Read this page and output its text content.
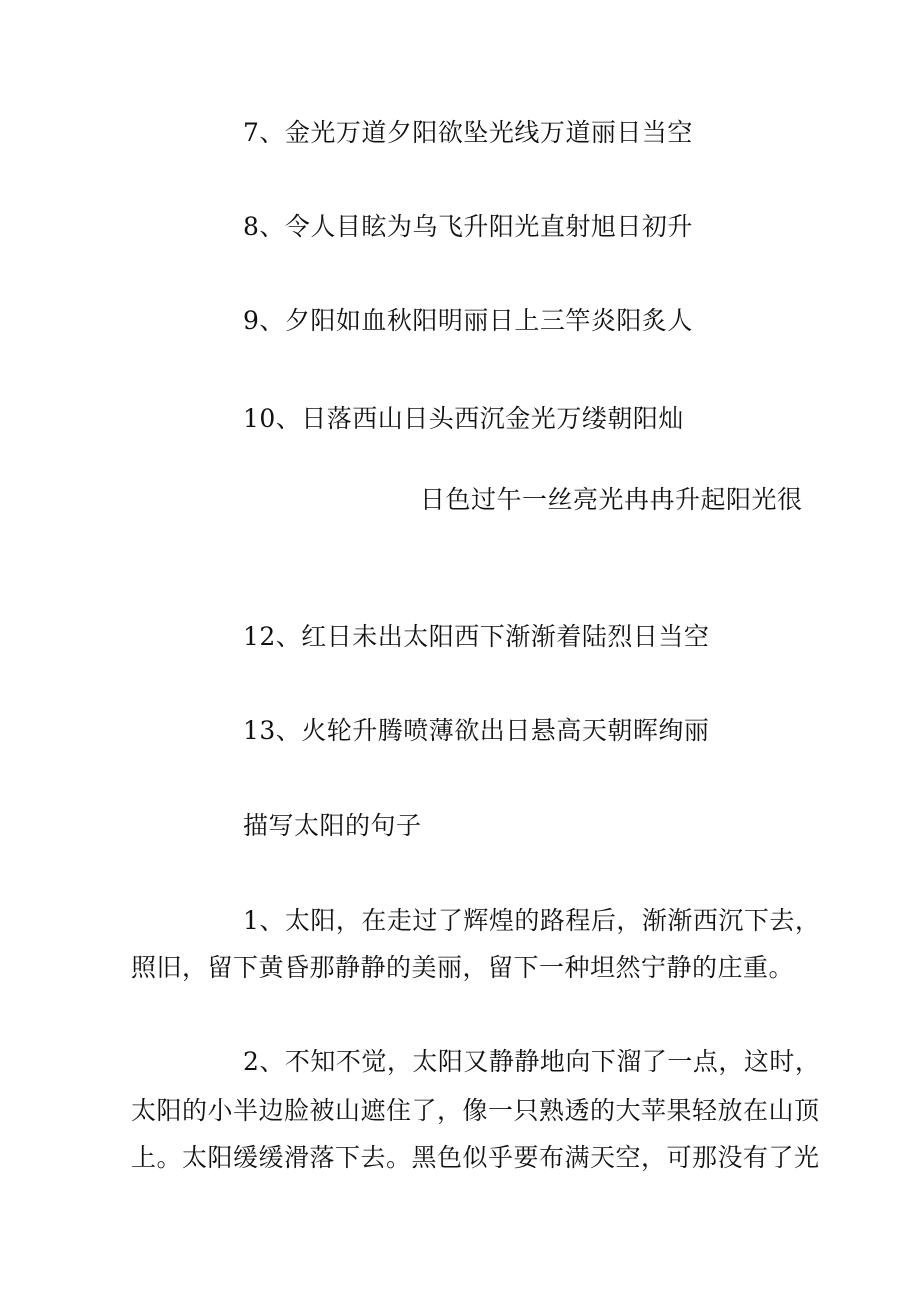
7、金光万道夕阳欲坠光线万道丽日当空
8、令人目眩为乌飞升阳光直射旭日初升
9、夕阳如血秋阳明丽日上三竿炎阳炙人
10、日落西山日头西沉金光万缕朝阳灿
日色过午一丝亮光冉冉升起阳光很
12、红日未出太阳西下渐渐着陆烈日当空
13、火轮升腾喷薄欲出日悬高天朝晖绚丽
描写太阳的句子
1、太阳，在走过了辉煌的路程后，渐渐西沉下去，
照旧，留下黄昏那静静的美丽，留下一种坦然宁静的庄重。
2、不知不觉，太阳又静静地向下溜了一点，这时，
太阳的小半边脸被山遮住了，像一只熟透的大苹果轻放在山顶
上。太阳缓缓滑落下去。黑色似乎要布满天空，可那没有了光
